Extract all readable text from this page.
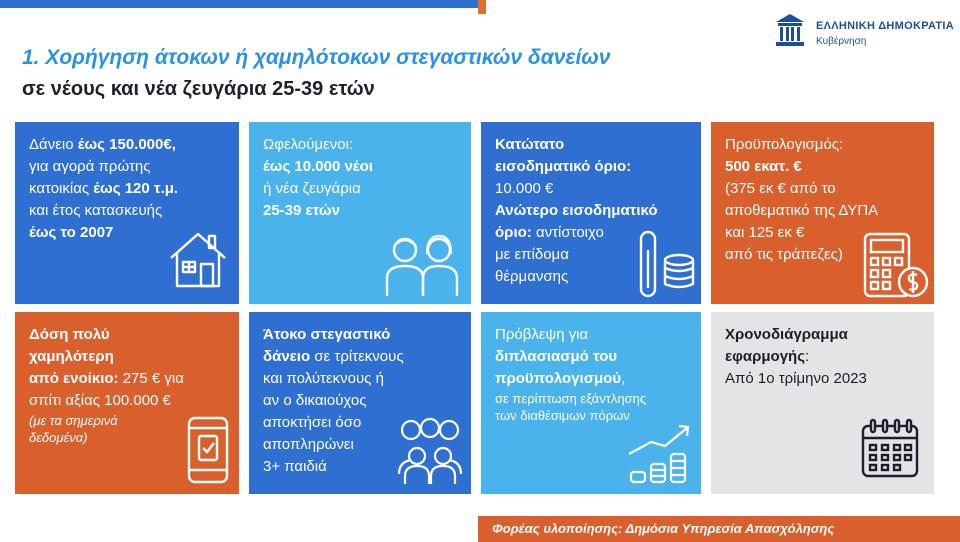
ΕΛΛΗΝΙΚΗ ΔΗΜΟΚΡΑΤΙΑ
Κυβέρνηση
1. Χορήγηση άτοκων ή χαμηλότοκων στεγαστικών δανείων
σε νέους και νέα ζευγάρια 25-39 ετών
Δάνειο έως 150.000€,
για αγορά πρώτης
κατοικίας έως 120 τ.μ.
και έτος κατασκευής
έως το 2007
Ωφελούμενοι:
έως 10.000 νέοι
ή νέα ζευγάρια
25-39 ετών
Κατώτατο
εισοδηματικό όριο:
10.000 €
Ανώτερο εισοδηματικό
όριο: αντίστοιχο
με επίδομα
θέρμανσης
Προϋπολογισμός:
500 εκατ. €
(375 εκ € από το
αποθεματικό της ΔΥΠΑ
και 125 εκ €
από τις τράπεζες)
Δόση πολύ
χαμηλότερη
από ενοίκιο: 275 € για
σπίτι αξίας 100.000 €
(με τα σημερινά
δεδομένα)
Άτοκο στεγαστικό
δάνειο σε τρίτεκνους
και πολύτεκνους ή
αν ο δικαιούχος
αποκτήσει όσο
αποπληρώνει
3+ παιδιά
Πρόβλεψη για
διπλασιασμό του
προϋπολογισμού,
σε περίπτωση εξάντλησης
των διαθέσιμων πόρων
Χρονοδιάγραμμα
εφαρμογής:
Από 1ο τρίμηνο 2023
Φορέας υλοποίησης: Δημόσια Υπηρεσία Απασχόλησης
